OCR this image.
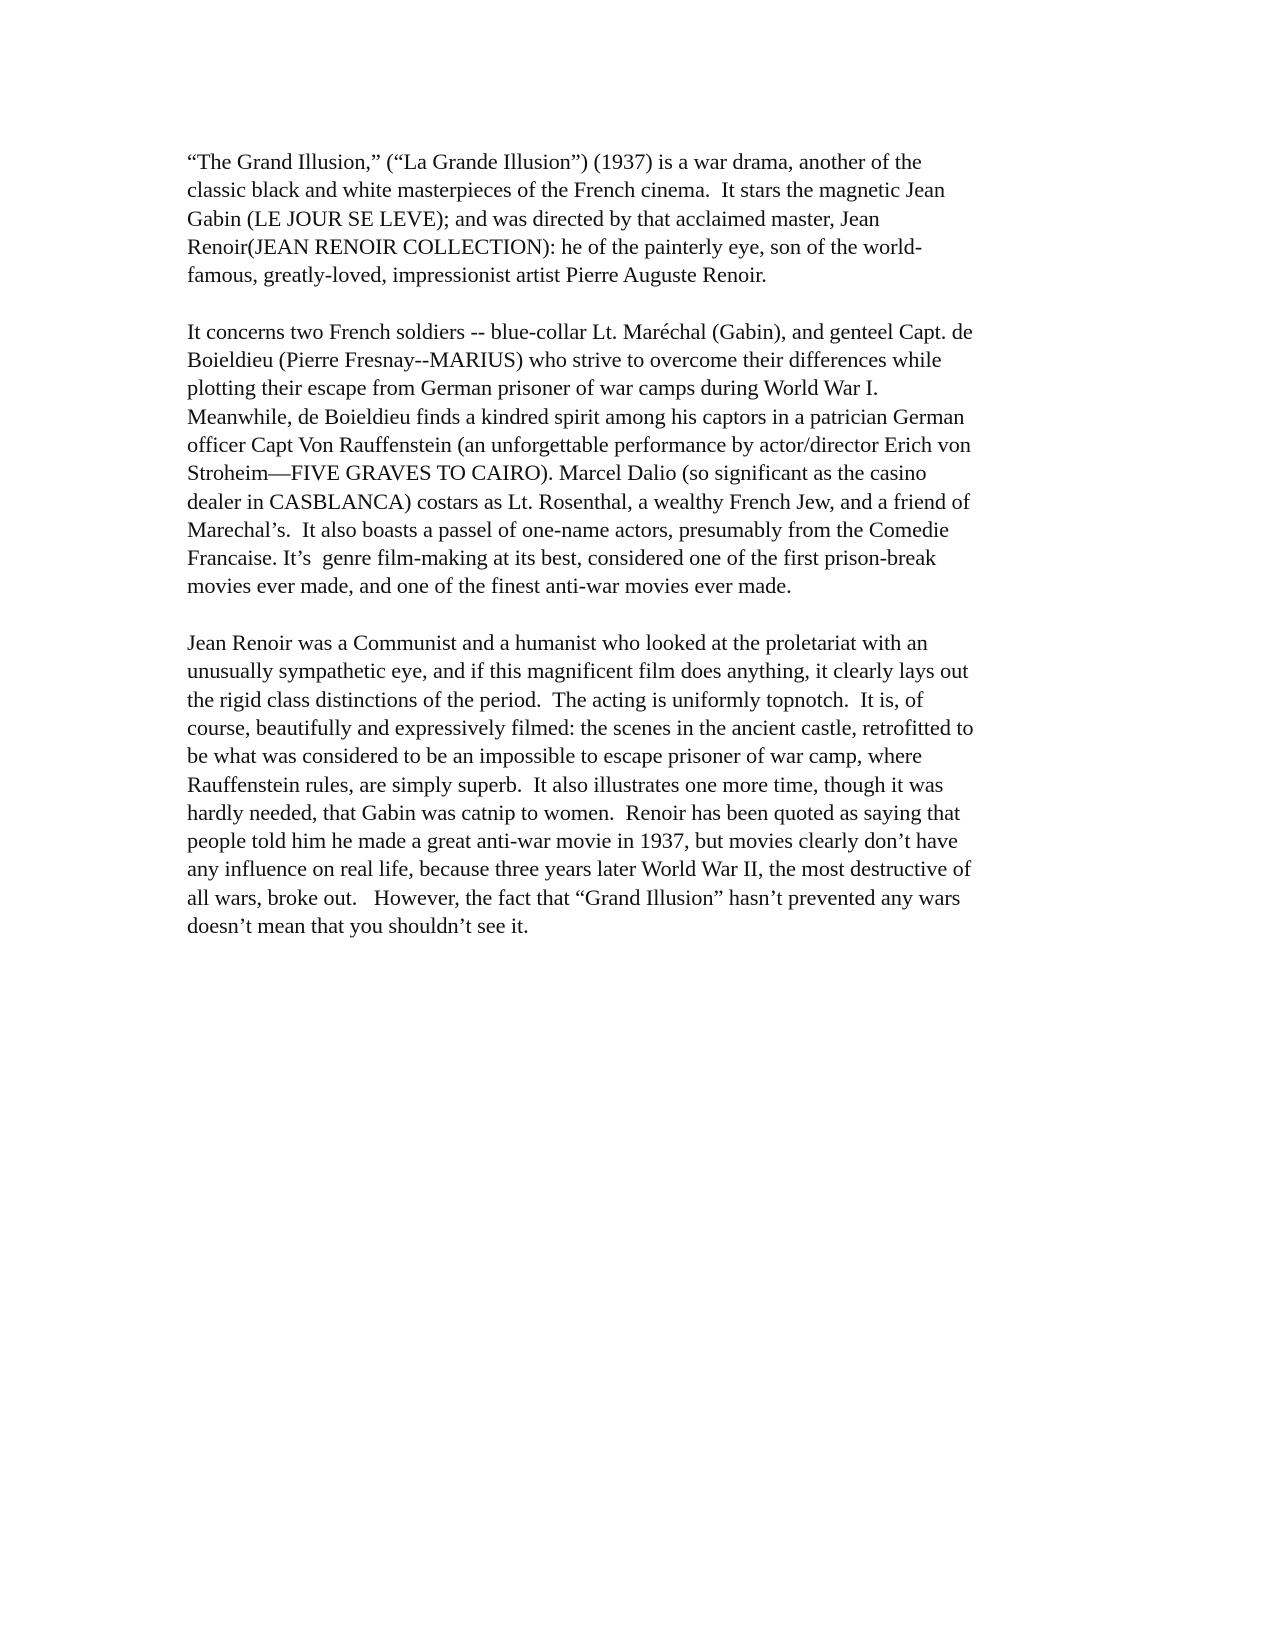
“The Grand Illusion,” (“La Grande Illusion”) (1937) is a war drama, another of the
classic black and white masterpieces of the French cinema.  It stars the magnetic Jean
Gabin (LE JOUR SE LEVE); and was directed by that acclaimed master, Jean
Renoir(JEAN RENOIR COLLECTION): he of the painterly eye, son of the world-
famous, greatly-loved, impressionist artist Pierre Auguste Renoir.
It concerns two French soldiers -- blue-collar Lt. Maréchal (Gabin), and genteel Capt. de
Boieldieu (Pierre Fresnay--MARIUS) who strive to overcome their differences while
plotting their escape from German prisoner of war camps during World War I.
Meanwhile, de Boieldieu finds a kindred spirit among his captors in a patrician German
officer Capt Von Rauffenstein (an unforgettable performance by actor/director Erich von
Stroheim—FIVE GRAVES TO CAIRO). Marcel Dalio (so significant as the casino
dealer in CASBLANCA) costars as Lt. Rosenthal, a wealthy French Jew, and a friend of
Marechal’s.  It also boasts a passel of one-name actors, presumably from the Comedie
Francaise. It’s  genre film-making at its best, considered one of the first prison-break
movies ever made, and one of the finest anti-war movies ever made.
Jean Renoir was a Communist and a humanist who looked at the proletariat with an
unusually sympathetic eye, and if this magnificent film does anything, it clearly lays out
the rigid class distinctions of the period.  The acting is uniformly topnotch.  It is, of
course, beautifully and expressively filmed: the scenes in the ancient castle, retrofitted to
be what was considered to be an impossible to escape prisoner of war camp, where
Rauffenstein rules, are simply superb.  It also illustrates one more time, though it was
hardly needed, that Gabin was catnip to women.  Renoir has been quoted as saying that
people told him he made a great anti-war movie in 1937, but movies clearly don’t have
any influence on real life, because three years later World War II, the most destructive of
all wars, broke out.   However, the fact that “Grand Illusion” hasn’t prevented any wars
doesn’t mean that you shouldn’t see it.
